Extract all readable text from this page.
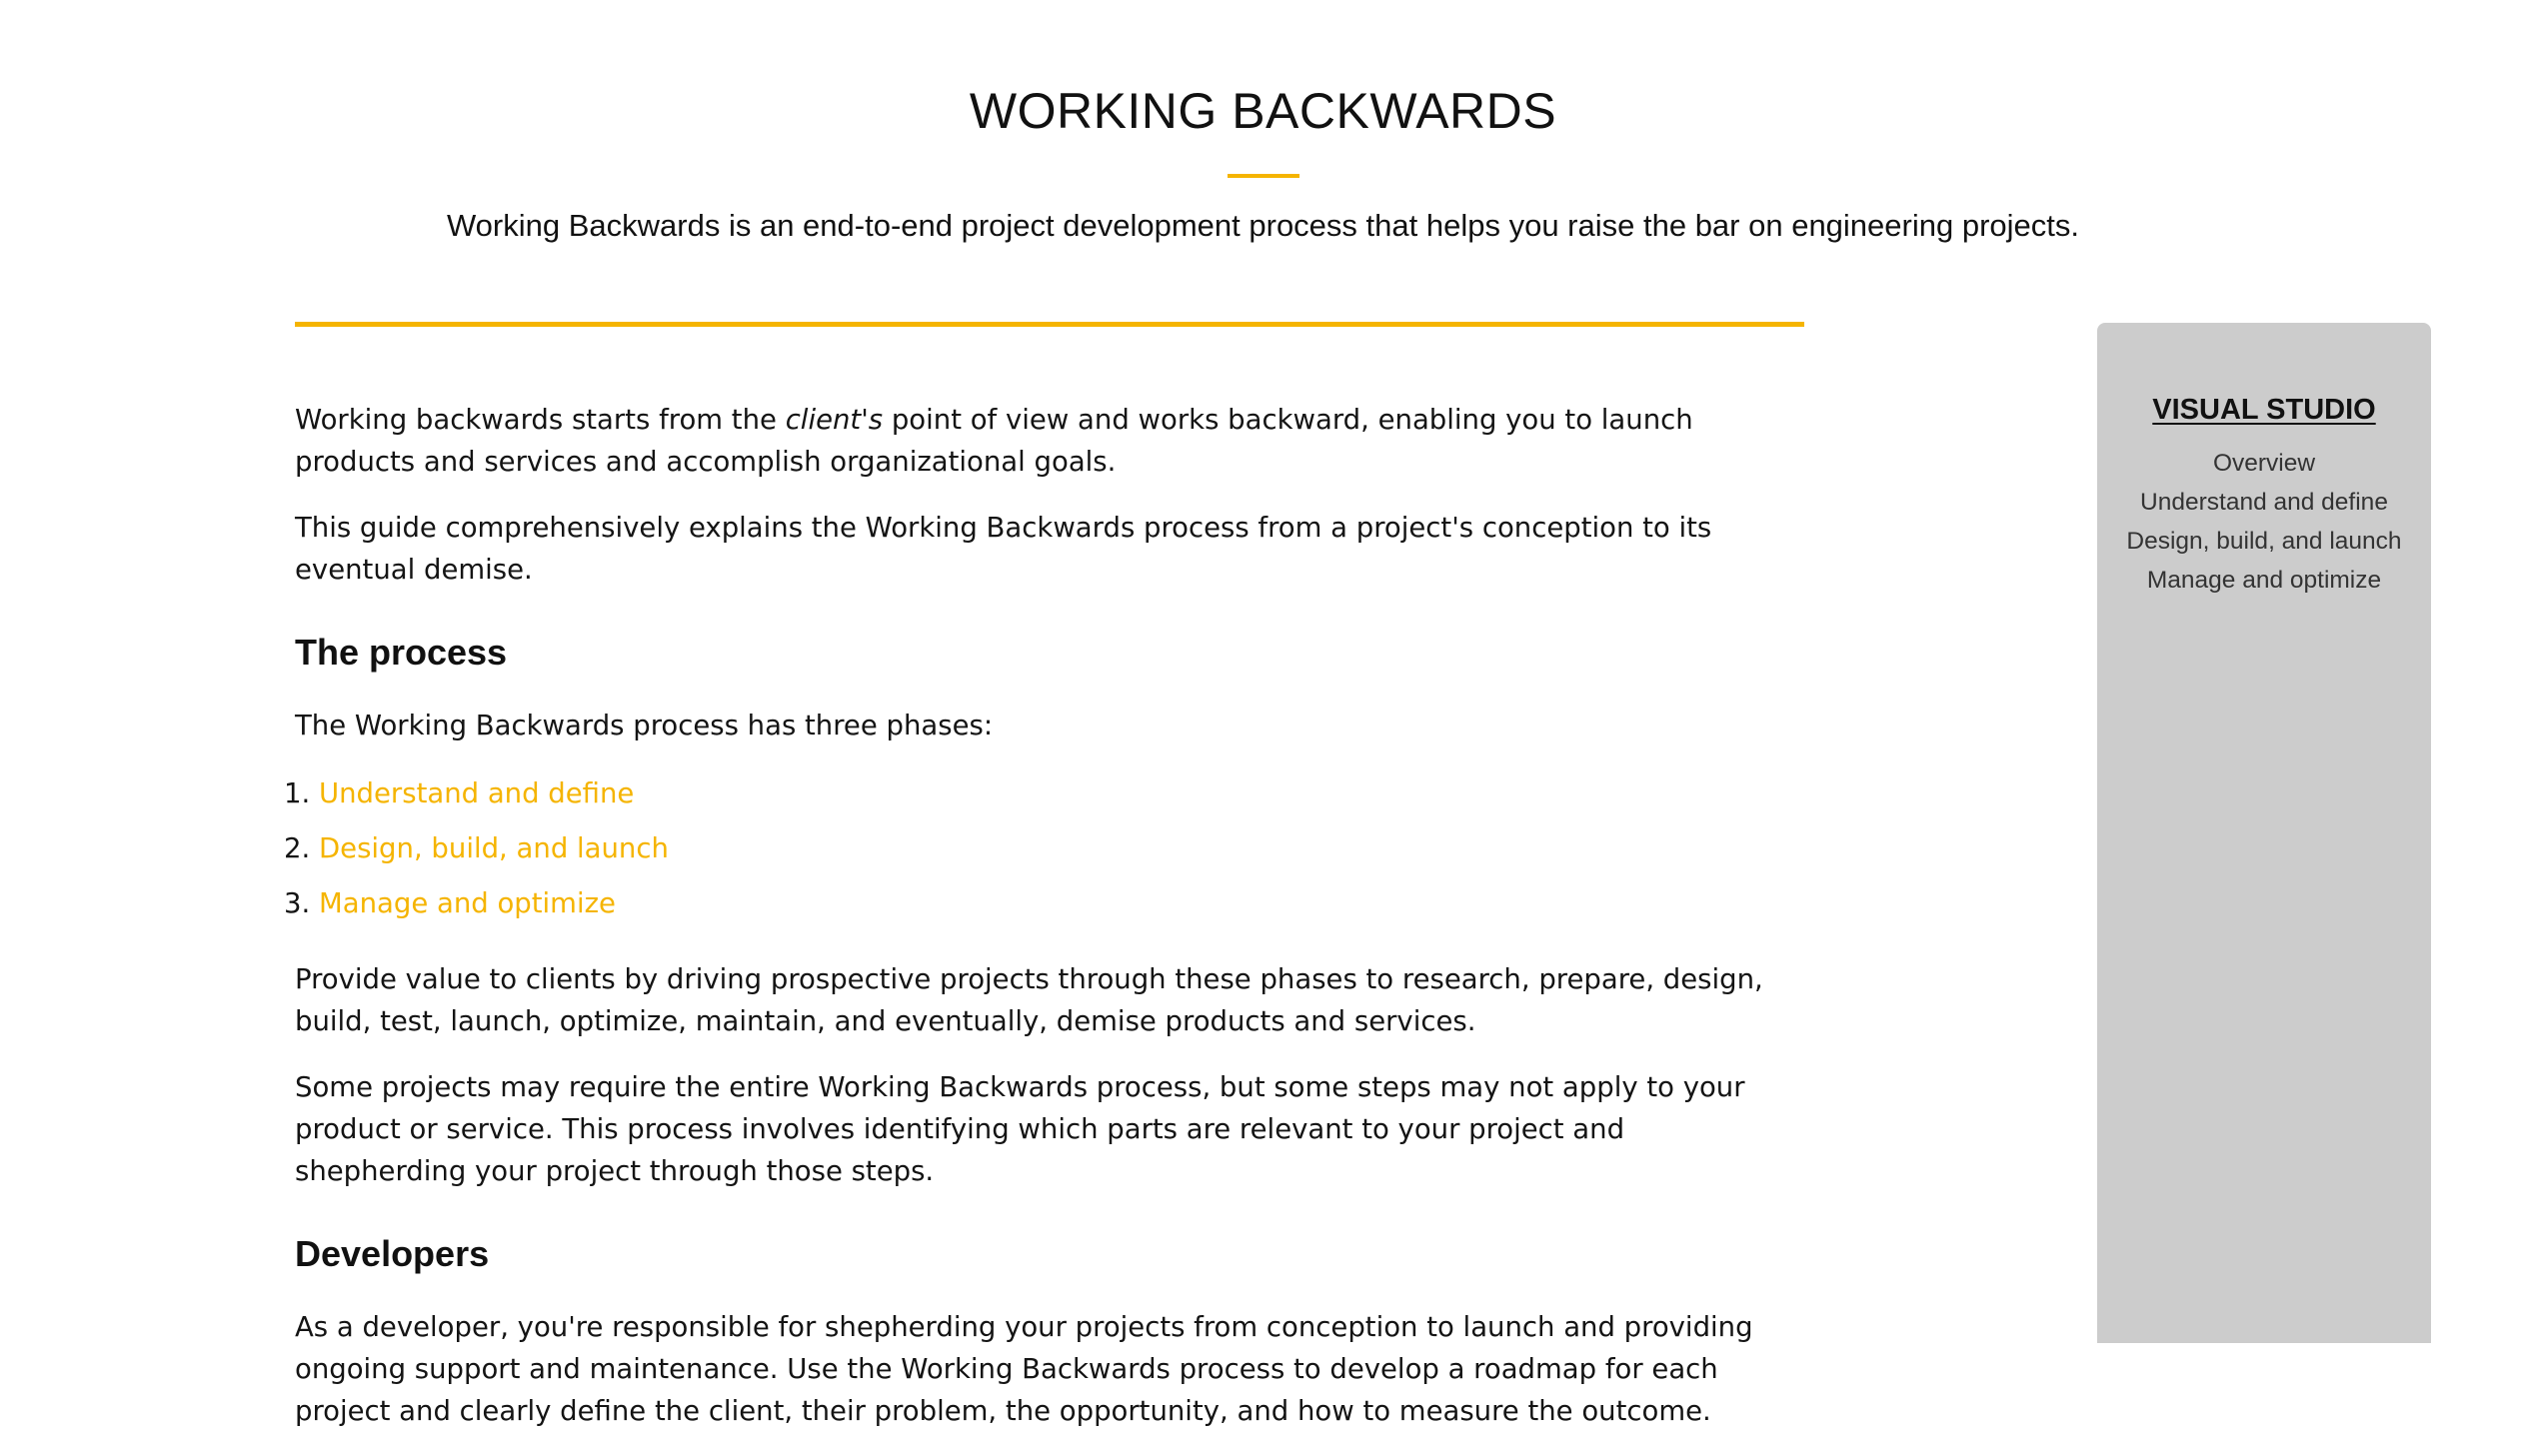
WORKING BACKWARDS

Working Backwards is an end-to-end project development process that helps you raise the bar on engineering projects.

Working backwards starts from the client's point of view and works backward, enabling you to launch products and services and accomplish organizational goals.

This guide comprehensively explains the Working Backwards process from a project's conception to its eventual demise.

The process

The Working Backwards process has three phases:

1. Understand and define
2. Design, build, and launch
3. Manage and optimize

Provide value to clients by driving prospective projects through these phases to research, prepare, design, build, test, launch, optimize, maintain, and eventually, demise products and services.

Some projects may require the entire Working Backwards process, but some steps may not apply to your product or service. This process involves identifying which parts are relevant to your project and shepherding your project through those steps.

Developers

As a developer, you're responsible for shepherding your projects from conception to launch and providing ongoing support and maintenance. Use the Working Backwards process to develop a roadmap for each project and clearly define the client, their problem, the opportunity, and how to measure the outcome.

VISUAL STUDIO
Overview
Understand and define
Design, build, and launch
Manage and optimize
